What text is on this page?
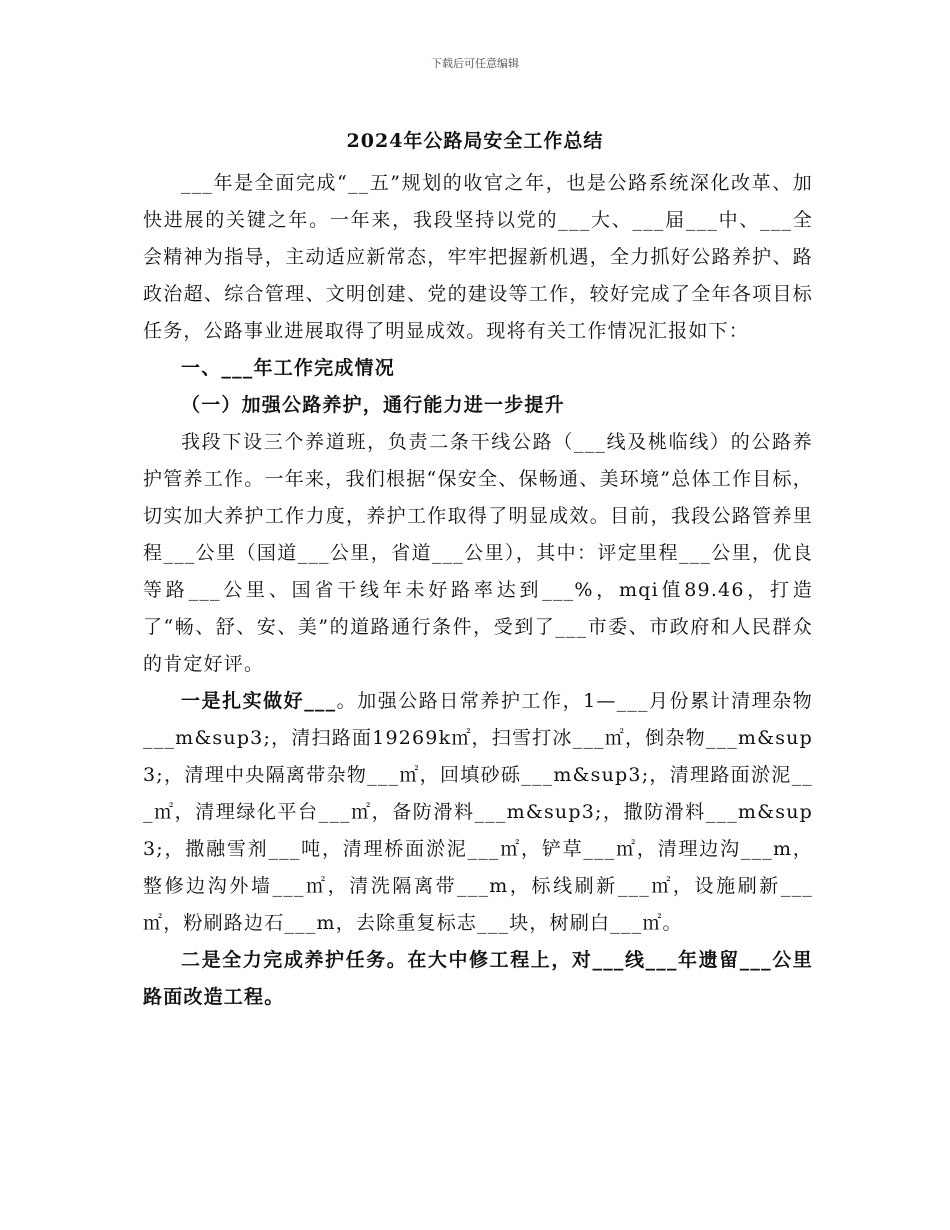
下载后可任意编辑
2024年公路局安全工作总结

___年是全面完成“__五”规划的收官之年，也是公路系统深化改革、加快进展的关键之年。一年来，我段坚持以党的___大、___届___中、___全会精神为指导，主动适应新常态，牢牢把握新机遇，全力抓好公路养护、路政治超、综合管理、文明创建、党的建设等工作，较好完成了全年各项目标任务，公路事业进展取得了明显成效。现将有关工作情况汇报如下：

一、___年工作完成情况

（一）加强公路养护，通行能力进一步提升

我段下设三个养道班，负责二条干线公路（___线及桃临线）的公路养护管养工作。一年来，我们根据“保安全、保畅通、美环境”总体工作目标，切实加大养护工作力度，养护工作取得了明显成效。目前，我段公路管养里程___公里（国道___公里，省道___公里），其中：评定里程___公里，优良等路___公里、国省干线年未好路率达到___%，mqi值89.46，打造了“畅、舒、安、美”的道路通行条件，受到了___市委、市政府和人民群众的肯定好评。

一是扎实做好___。加强公路日常养护工作，1—___月份累计清理杂物___m&sup3;，清扫路面19269k㎡，扫雪打冰___㎡，倒杂物___m&sup3;，清理中央隔离带杂物___㎡，回填砂砾___m&sup3;，清理路面淤泥___㎡，清理绿化平台___㎡，备防滑料___m&sup3;，撒防滑料___m&sup3;，撒融雪剂___吨，清理桥面淤泥___㎡，铲草___㎡，清理边沟___m，整修边沟外墙___㎡，清洗隔离带___m，标线刷新___㎡，设施刷新___㎡，粉刷路边石___m，去除重复标志___块，树刷白___㎡。

二是全力完成养护任务。在大中修工程上，对___线___年遗留___公里路面改造工程。
